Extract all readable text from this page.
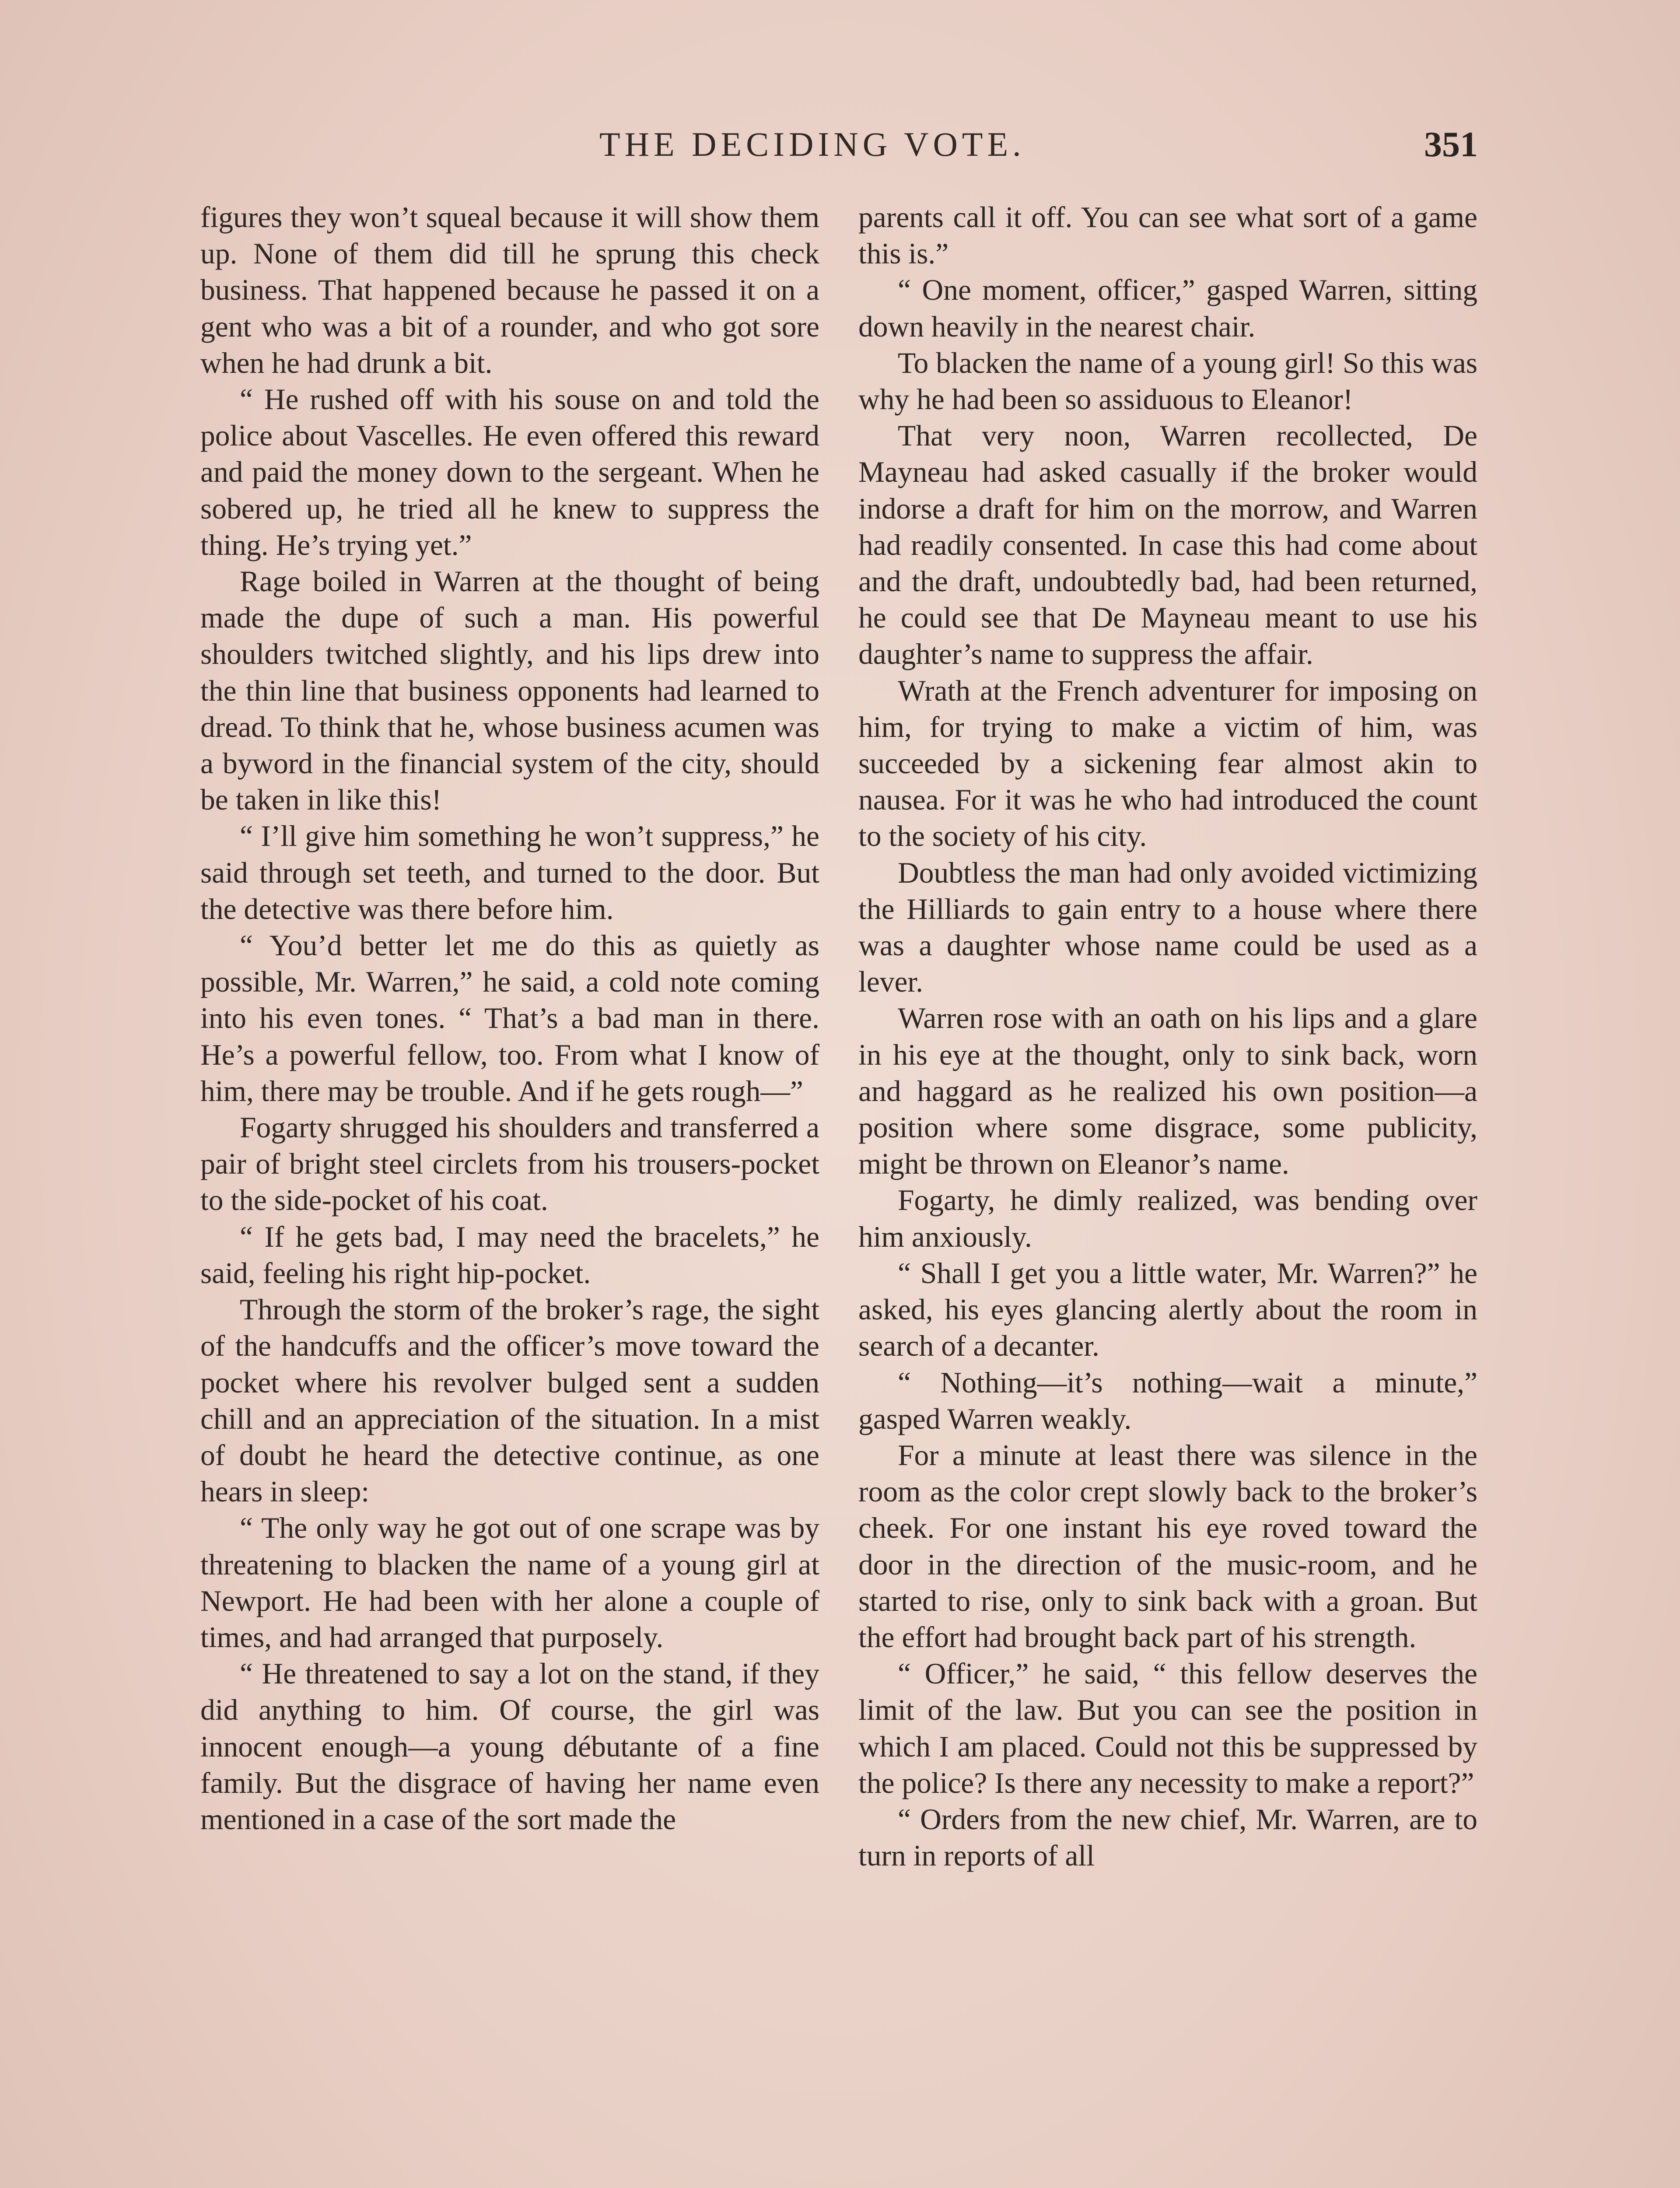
THE DECIDING VOTE.	351

figures they won’t squeal because it will show them up. None of them did till he sprung this check business. That happened because he passed it on a gent who was a bit of a rounder, and who got sore when he had drunk a bit.

“ He rushed off with his souse on and told the police about Vascelles. He even offered this reward and paid the money down to the sergeant. When he sobered up, he tried all he knew to suppress the thing. He’s trying yet.”

Rage boiled in Warren at the thought of being made the dupe of such a man. His powerful shoulders twitched slightly, and his lips drew into the thin line that business opponents had learned to dread. To think that he, whose business acumen was a byword in the financial system of the city, should be taken in like this!

“ I’ll give him something he won’t suppress,” he said through set teeth, and turned to the door. But the detective was there before him.

“ You’d better let me do this as quietly as possible, Mr. Warren,” he said, a cold note coming into his even tones. “ That’s a bad man in there. He’s a powerful fellow, too. From what I know of him, there may be trouble. And if he gets rough—”

Fogarty shrugged his shoulders and transferred a pair of bright steel circlets from his trousers-pocket to the side-pocket of his coat.

“ If he gets bad, I may need the bracelets,” he said, feeling his right hip-pocket.

Through the storm of the broker’s rage, the sight of the handcuffs and the officer’s move toward the pocket where his revolver bulged sent a sudden chill and an appreciation of the situation. In a mist of doubt he heard the detective continue, as one hears in sleep:

“ The only way he got out of one scrape was by threatening to blacken the name of a young girl at Newport. He had been with her alone a couple of times, and had arranged that purposely.

“ He threatened to say a lot on the stand, if they did anything to him. Of course, the girl was innocent enough—a young débutante of a fine family. But the disgrace of having her name even mentioned in a case of the sort made the

parents call it off. You can see what sort of a game this is.”

“ One moment, officer,” gasped Warren, sitting down heavily in the nearest chair.

To blacken the name of a young girl! So this was why he had been so assiduous to Eleanor!

That very noon, Warren recollected, De Mayneau had asked casually if the broker would indorse a draft for him on the morrow, and Warren had readily consented. In case this had come about and the draft, undoubtedly bad, had been returned, he could see that De Mayneau meant to use his daughter’s name to suppress the affair.

Wrath at the French adventurer for imposing on him, for trying to make a victim of him, was succeeded by a sickening fear almost akin to nausea. For it was he who had introduced the count to the society of his city.

Doubtless the man had only avoided victimizing the Hilliards to gain entry to a house where there was a daughter whose name could be used as a lever.

Warren rose with an oath on his lips and a glare in his eye at the thought, only to sink back, worn and haggard as he realized his own position—a position where some disgrace, some publicity, might be thrown on Eleanor’s name.

Fogarty, he dimly realized, was bending over him anxiously.

“ Shall I get you a little water, Mr. Warren?” he asked, his eyes glancing alertly about the room in search of a decanter.

“ Nothing—it’s nothing—wait a minute,” gasped Warren weakly.

For a minute at least there was silence in the room as the color crept slowly back to the broker’s cheek. For one instant his eye roved toward the door in the direction of the music-room, and he started to rise, only to sink back with a groan. But the effort had brought back part of his strength.

“ Officer,” he said, “ this fellow deserves the limit of the law. But you can see the position in which I am placed. Could not this be suppressed by the police? Is there any necessity to make a report?”

“ Orders from the new chief, Mr. Warren, are to turn in reports of all
